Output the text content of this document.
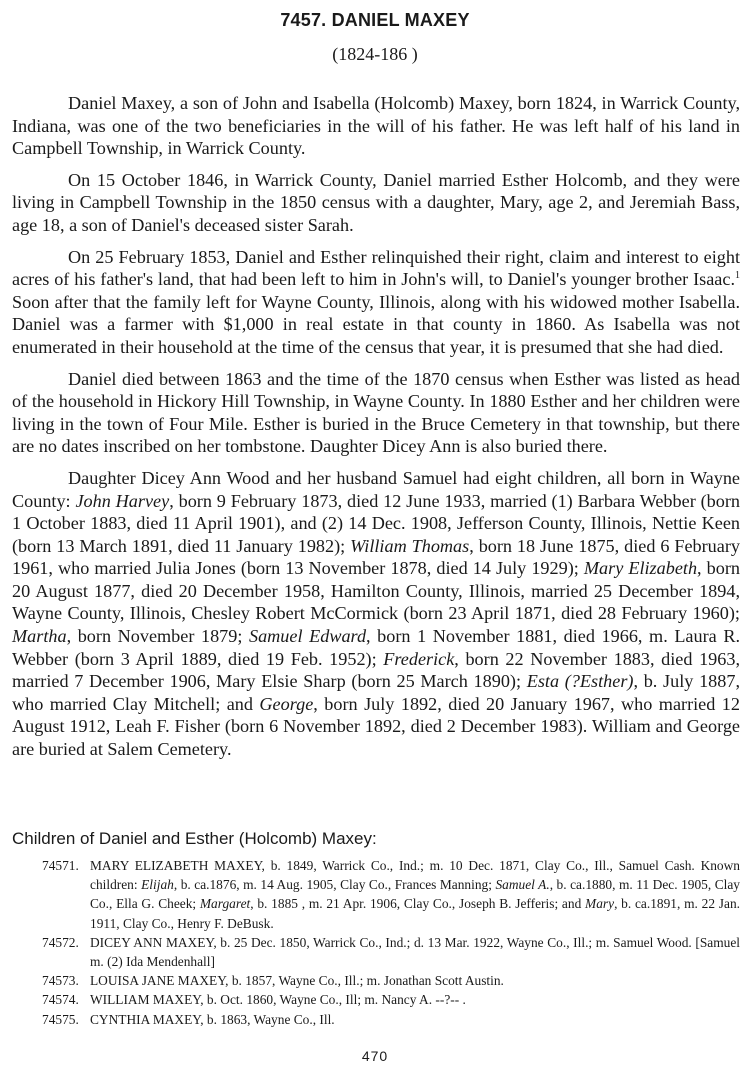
7457. DANIEL MAXEY
(1824-186 )

Daniel Maxey, a son of John and Isabella (Holcomb) Maxey, born 1824, in Warrick County, Indiana, was one of the two beneficiaries in the will of his father. He was left half of his land in Campbell Township, in Warrick County.

On 15 October 1846, in Warrick County, Daniel married Esther Holcomb, and they were living in Campbell Township in the 1850 census with a daughter, Mary, age 2, and Jeremiah Bass, age 18, a son of Daniel's deceased sister Sarah.

On 25 February 1853, Daniel and Esther relinquished their right, claim and interest to eight acres of his father's land, that had been left to him in John's will, to Daniel's younger brother Isaac.$^1$ Soon after that the family left for Wayne County, Illinois, along with his widowed mother Isabella. Daniel was a farmer with $1,000 in real estate in that county in 1860. As Isabella was not enumerated in their household at the time of the census that year, it is presumed that she had died.

Daniel died between 1863 and the time of the 1870 census when Esther was listed as head of the household in Hickory Hill Township, in Wayne County. In 1880 Esther and her children were living in the town of Four Mile. Esther is buried in the Bruce Cemetery in that township, but there are no dates inscribed on her tombstone. Daughter Dicey Ann is also buried there.

Daughter Dicey Ann Wood and her husband Samuel had eight children, all born in Wayne County: John Harvey, born 9 February 1873, died 12 June 1933, married (1) Barbara Webber (born 1 October 1883, died 11 April 1901), and (2) 14 Dec. 1908, Jefferson County, Illinois, Nettie Keen (born 13 March 1891, died 11 January 1982); William Thomas, born 18 June 1875, died 6 February 1961, who married Julia Jones (born 13 November 1878, died 14 July 1929); Mary Elizabeth, born 20 August 1877, died 20 December 1958, Hamilton County, Illinois, married 25 December 1894, Wayne County, Illinois, Chesley Robert McCormick (born 23 April 1871, died 28 February 1960); Martha, born November 1879; Samuel Edward, born 1 November 1881, died 1966, m. Laura R. Webber (born 3 April 1889, died 19 Feb. 1952); Frederick, born 22 November 1883, died 1963, married 7 December 1906, Mary Elsie Sharp (born 25 March 1890); Esta (?Esther), b. July 1887, who married Clay Mitchell; and George, born July 1892, died 20 January 1967, who married 12 August 1912, Leah F. Fisher (born 6 November 1892, died 2 December 1983). William and George are buried at Salem Cemetery.

Children of Daniel and Esther (Holcomb) Maxey:

74571. MARY ELIZABETH MAXEY, b. 1849, Warrick Co., Ind.; m. 10 Dec. 1871, Clay Co., Ill., Samuel Cash. Known children: Elijah, b. ca.1876, m. 14 Aug. 1905, Clay Co., Frances Manning; Samuel A., b. ca.1880, m. 11 Dec. 1905, Clay Co., Ella G. Cheek; Margaret, b. 1885 , m. 21 Apr. 1906, Clay Co., Joseph B. Jefferis; and Mary, b. ca.1891, m. 22 Jan. 1911, Clay Co., Henry F. DeBusk.

74572. DICEY ANN MAXEY, b. 25 Dec. 1850, Warrick Co., Ind.; d. 13 Mar. 1922, Wayne Co., Ill.; m. Samuel Wood. [Samuel m. (2) Ida Mendenhall]

74573. LOUISA JANE MAXEY, b. 1857, Wayne Co., Ill.; m. Jonathan Scott Austin.

74574. WILLIAM MAXEY, b. Oct. 1860, Wayne Co., Ill; m. Nancy A. --?-- .

74575. CYNTHIA MAXEY, b. 1863, Wayne Co., Ill.

470
